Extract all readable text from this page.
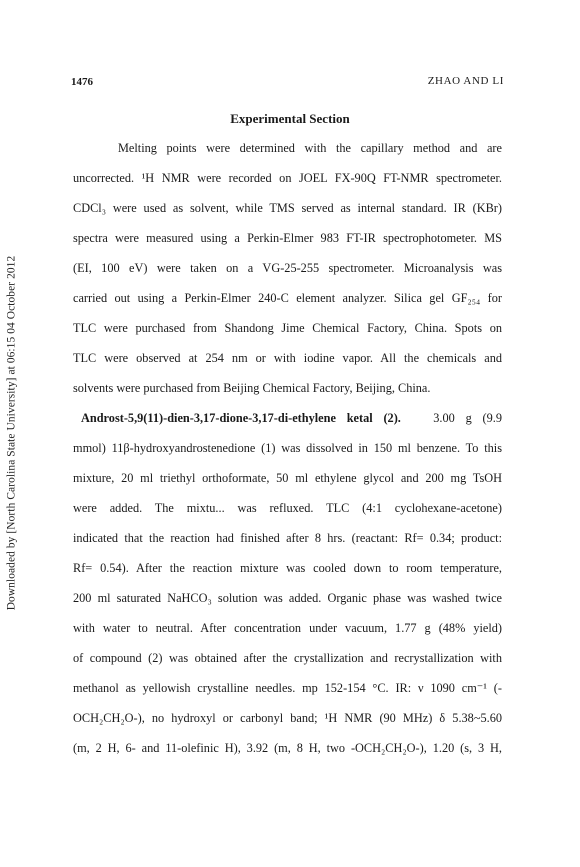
Downloaded by [North Carolina State University] at 06:15 04 October 2012
1476	ZHAO AND LI
Experimental Section
Melting points were determined with the capillary method and are
uncorrected. ¹H NMR were recorded on JOEL FX-90Q FT-NMR spectrometer.
CDCl₃ were used as solvent, while TMS served as internal standard. IR (KBr)
spectra were measured using a Perkin-Elmer 983 FT-IR spectrophotometer. MS
(EI, 100 eV) were taken on a VG-25-255 spectrometer. Microanalysis was
carried out using a Perkin-Elmer 240-C element analyzer. Silica gel GF₂₅₄ for
TLC were purchased from Shandong Jime Chemical Factory, China. Spots on
TLC were observed at 254 nm or with iodine vapor. All the chemicals and
solvents were purchased from Beijing Chemical Factory, Beijing, China.
Androst-5,9(11)-dien-3,17-dione-3,17-di-ethylene ketal (2).	3.00 g (9.9
mmol) 11β-hydroxyandrostenedione (1) was dissolved in 150 ml benzene. To this
mixture, 20 ml triethyl orthoformate, 50 ml ethylene glycol and 200 mg TsOH
were added. The mixtu... was refluxed. TLC (4:1 cyclohexane-acetone)
indicated that the reaction had finished after 8 hrs. (reactant: Rf= 0.34; product:
Rf= 0.54). After the reaction mixture was cooled down to room temperature,
200 ml saturated NaHCO₃ solution was added. Organic phase was washed twice
with water to neutral. After concentration under vacuum, 1.77 g (48% yield)
of compound (2) was obtained after the crystallization and recrystallization with
methanol as yellowish crystalline needles. mp 152-154 °C. IR: ν 1090 cm⁻¹ (-
OCH₂CH₂O-), no hydroxyl or carbonyl band; ¹H NMR (90 MHz) δ 5.38~5.60
(m, 2 H, 6- and 11-olefinic H), 3.92 (m, 8 H, two -OCH₂CH₂O-), 1.20 (s, 3 H,
